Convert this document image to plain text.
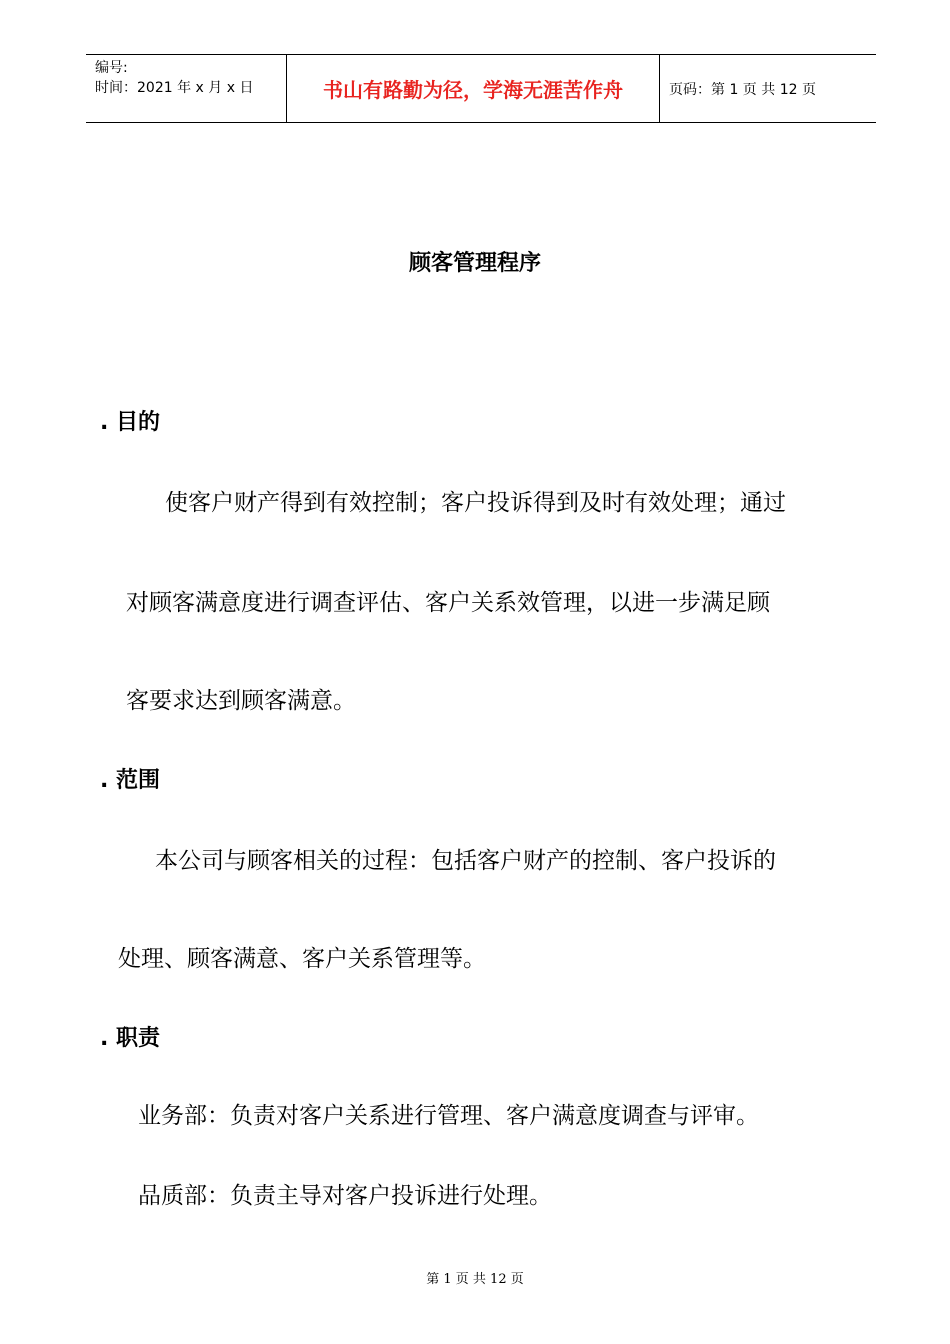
编号:
时间：2021 年 x 月 x 日	书山有路勤为径，学海无涯苦作舟	页码：第 1 页 共 12 页
顾客管理程序
. 目的
使客户财产得到有效控制；客户投诉得到及时有效处理；通过
对顾客满意度进行调查评估、客户关系效管理，以进一步满足顾
客要求达到顾客满意。
. 范围
本公司与顾客相关的过程：包括客户财产的控制、客户投诉的
处理、顾客满意、客户关系管理等。
. 职责
业务部：负责对客户关系进行管理、客户满意度调查与评审。
品质部：负责主导对客户投诉进行处理。
第 1 页 共 12 页
